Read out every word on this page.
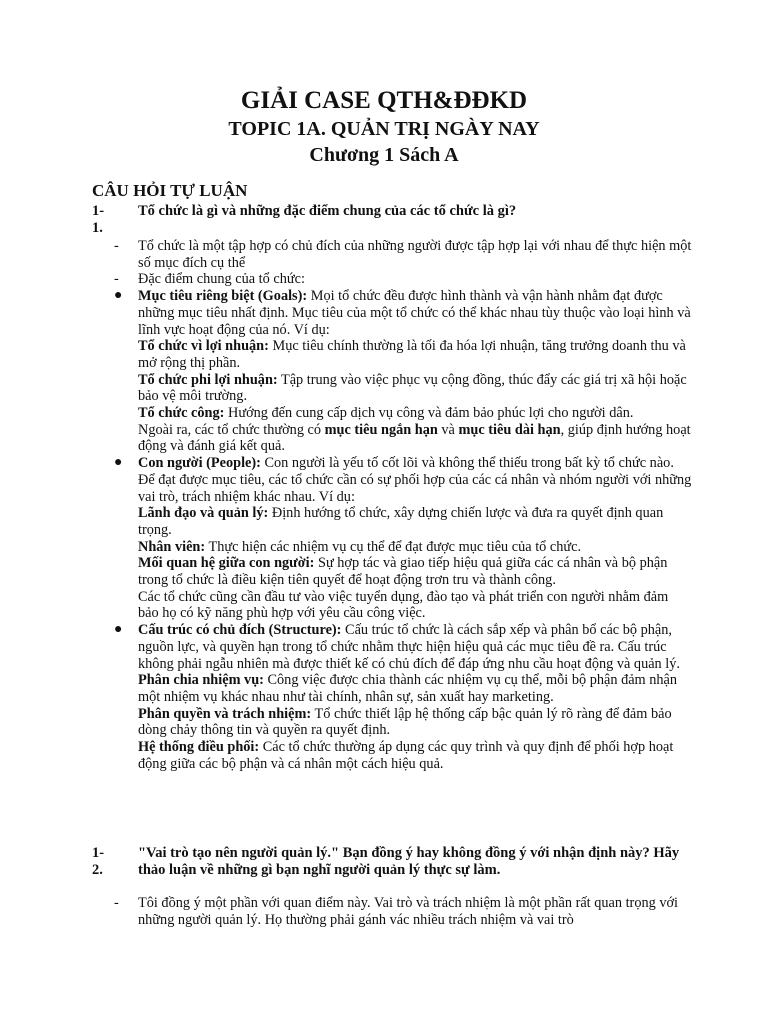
GIẢI CASE QTH&ĐĐKD
TOPIC 1A. QUẢN TRỊ NGÀY NAY
Chương 1 Sách A
CÂU HỎI TỰ LUẬN
1-1.
Tổ chức là gì và những đặc điểm chung của các tổ chức là gì?
-	Tổ chức là một tập hợp có chủ đích của những người được tập hợp lại với nhau để thực hiện một số mục đích cụ thể

-	Đặc điểm chung của tổ chức:

● Mục tiêu riêng biệt (Goals): Mọi tổ chức đều được hình thành và vận hành nhằm đạt được những mục tiêu nhất định. Mục tiêu của một tổ chức có thể khác nhau tùy thuộc vào loại hình và lĩnh vực hoạt động của nó. Ví dụ:

Tổ chức vì lợi nhuận: Mục tiêu chính thường là tối đa hóa lợi nhuận, tăng trưởng doanh thu và mở rộng thị phần.

Tổ chức phi lợi nhuận: Tập trung vào việc phục vụ cộng đồng, thúc đẩy các giá trị xã hội hoặc bảo vệ môi trường.

Tổ chức công: Hướng đến cung cấp dịch vụ công và đảm bảo phúc lợi cho người dân.

Ngoài ra, các tổ chức thường có mục tiêu ngắn hạn và mục tiêu dài hạn, giúp định hướng hoạt động và đánh giá kết quả.

● Con người (People): Con người là yếu tố cốt lõi và không thể thiếu trong bất kỳ tổ chức nào. Để đạt được mục tiêu, các tổ chức cần có sự phối hợp của các cá nhân và nhóm người với những vai trò, trách nhiệm khác nhau. Ví dụ:

Lãnh đạo và quản lý: Định hướng tổ chức, xây dựng chiến lược và đưa ra quyết định quan trọng.

Nhân viên: Thực hiện các nhiệm vụ cụ thể để đạt được mục tiêu của tổ chức.

Mối quan hệ giữa con người: Sự hợp tác và giao tiếp hiệu quả giữa các cá nhân và bộ phận trong tổ chức là điều kiện tiên quyết để hoạt động trơn tru và thành công.

Các tổ chức cũng cần đầu tư vào việc tuyển dụng, đào tạo và phát triển con người nhằm đảm bảo họ có kỹ năng phù hợp với yêu cầu công việc.

● Cấu trúc có chủ đích (Structure): Cấu trúc tổ chức là cách sắp xếp và phân bổ các bộ phận, nguồn lực, và quyền hạn trong tổ chức nhằm thực hiện hiệu quả các mục tiêu đề ra. Cấu trúc không phải ngẫu nhiên mà được thiết kế có chủ đích để đáp ứng nhu cầu hoạt động và quản lý.

Phân chia nhiệm vụ: Công việc được chia thành các nhiệm vụ cụ thể, mỗi bộ phận đảm nhận một nhiệm vụ khác nhau như tài chính, nhân sự, sản xuất hay marketing.

Phân quyền và trách nhiệm: Tổ chức thiết lập hệ thống cấp bậc quản lý rõ ràng để đảm bảo dòng chảy thông tin và quyền ra quyết định.

Hệ thống điều phối: Các tổ chức thường áp dụng các quy trình và quy định để phối hợp hoạt động giữa các bộ phận và cá nhân một cách hiệu quả.

1-2.
"Vai trò tạo nên người quản lý." Bạn đồng ý hay không đồng ý với nhận định này? Hãy thảo luận về những gì bạn nghĩ người quản lý thực sự làm.
-	Tôi đồng ý một phần với quan điểm này. Vai trò và trách nhiệm là một phần rất quan trọng với những người quản lý. Họ thường phải gánh vác nhiều trách nhiệm và vai trò
